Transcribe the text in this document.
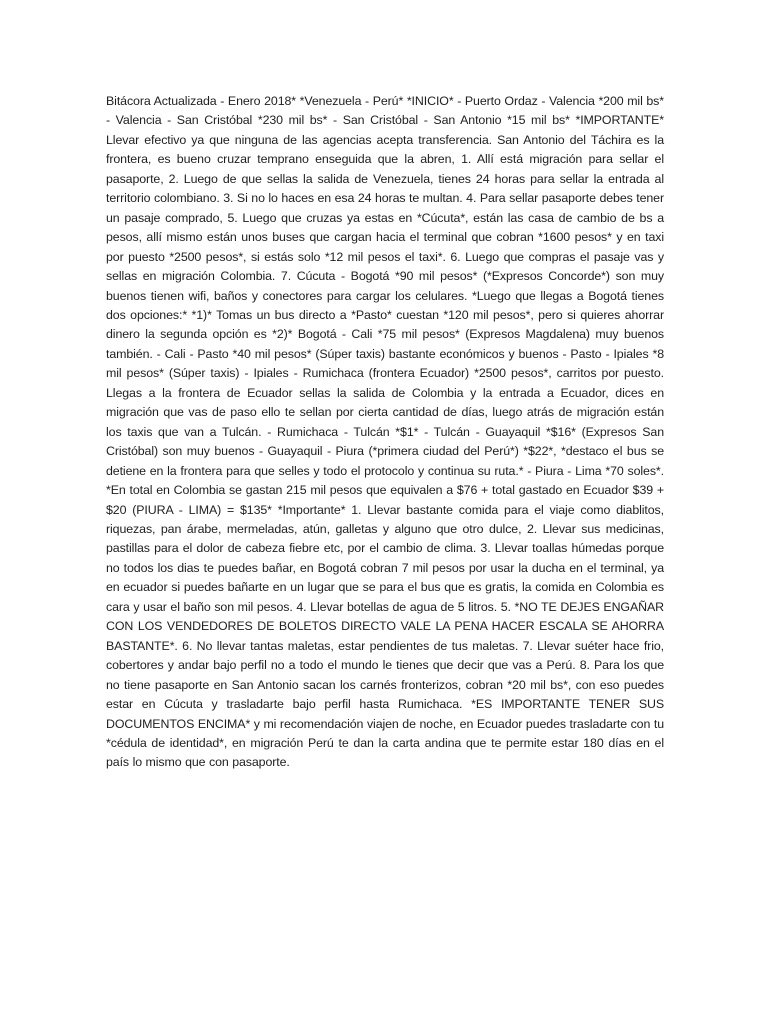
Bitácora Actualizada - Enero 2018* *Venezuela - Perú* *INICIO* - Puerto Ordaz - Valencia *200 mil bs* - Valencia - San Cristóbal *230 mil bs* - San Cristóbal - San Antonio *15 mil bs* *IMPORTANTE* Llevar efectivo ya que ninguna de las agencias acepta transferencia. San Antonio del Táchira es la frontera, es bueno cruzar temprano enseguida que la abren, 1. Allí está migración para sellar el pasaporte, 2. Luego de que sellas la salida de Venezuela, tienes 24 horas para sellar la entrada al territorio colombiano. 3. Si no lo haces en esa 24 horas te multan. 4. Para sellar pasaporte debes tener un pasaje comprado, 5. Luego que cruzas ya estas en *Cúcuta*, están las casa de cambio de bs a pesos, allí mismo están unos buses que cargan hacia el terminal que cobran *1600 pesos* y en taxi por puesto *2500 pesos*, si estás solo *12 mil pesos el taxi*. 6. Luego que compras el pasaje vas y sellas en migración Colombia. 7. Cúcuta - Bogotá *90 mil pesos* (*Expresos Concorde*) son muy buenos tienen wifi, baños y conectores para cargar los celulares. *Luego que llegas a Bogotá tienes dos opciones:* *1)* Tomas un bus directo a *Pasto* cuestan *120 mil pesos*, pero si quieres ahorrar dinero la segunda opción es *2)* Bogotá - Cali *75 mil pesos* (Expresos Magdalena) muy buenos también. - Cali - Pasto *40 mil pesos* (Súper taxis) bastante económicos y buenos - Pasto - Ipiales *8 mil pesos* (Súper taxis) - Ipiales - Rumichaca (frontera Ecuador) *2500 pesos*, carritos por puesto. Llegas a la frontera de Ecuador sellas la salida de Colombia y la entrada a Ecuador, dices en migración que vas de paso ello te sellan por cierta cantidad de días, luego atrás de migración están los taxis que van a Tulcán. - Rumichaca - Tulcán *$1* - Tulcán - Guayaquil *$16* (Expresos San Cristóbal) son muy buenos - Guayaquil - Piura (*primera ciudad del Perú*) *$22*, *destaco el bus se detiene en la frontera para que selles y todo el protocolo y continua su ruta.* - Piura - Lima *70 soles*. *En total en Colombia se gastan 215 mil pesos que equivalen a $76 + total gastado en Ecuador $39 + $20 (PIURA - LIMA) = $135* *Importante* 1. Llevar bastante comida para el viaje como diablitos, riquezas, pan árabe, mermeladas, atún, galletas y alguno que otro dulce, 2. Llevar sus medicinas, pastillas para el dolor de cabeza fiebre etc, por el cambio de clima. 3. Llevar toallas húmedas porque no todos los dias te puedes bañar, en Bogotá cobran 7 mil pesos por usar la ducha en el terminal, ya en ecuador si puedes bañarte en un lugar que se para el bus que es gratis, la comida en Colombia es cara y usar el baño son mil pesos. 4. Llevar botellas de agua de 5 litros. 5. *NO TE DEJES ENGAÑAR CON LOS VENDEDORES DE BOLETOS DIRECTO VALE LA PENA HACER ESCALA SE AHORRA BASTANTE*. 6. No llevar tantas maletas, estar pendientes de tus maletas. 7. Llevar suéter hace frio, cobertores y andar bajo perfil no a todo el mundo le tienes que decir que vas a Perú. 8. Para los que no tiene pasaporte en San Antonio sacan los carnés fronterizos, cobran *20 mil bs*, con eso puedes estar en Cúcuta y trasladarte bajo perfil hasta Rumichaca. *ES IMPORTANTE TENER SUS DOCUMENTOS ENCIMA* y mi recomendación viajen de noche, en Ecuador puedes trasladarte con tu *cédula de identidad*, en migración Perú te dan la carta andina que te permite estar 180 días en el país lo mismo que con pasaporte.
